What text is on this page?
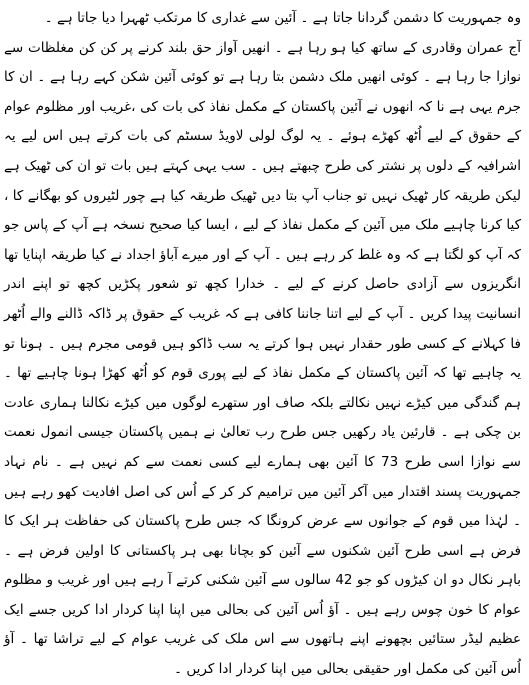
وہ جمہوریت کا دشمن گردانا جاتا ہے ۔ آئین سے غداری کا مرتکب ٹھہرا دیا جاتا ہے ۔

آج عمران وقادری کے ساتھ کیا ہو رہا ہے ۔ انھیں آواز حق بلند کرنے پر کن کن مغلظات سے نوازا جا رہا ہے ۔ کوئی انھیں ملک دشمن بتا رہا ہے تو کوئی آئین شکن کہے رہا ہے ۔ ان کا جرم یہی ہے نا کہ انھوں نے آئین پاکستان کے مکمل نفاذ کی بات کی ،غریب اور مظلوم عوام کے حقوق کے لیے اُٹھ کھڑے ہوئے ۔ یہ لوگ لولی لاویڈ سسٹم کی بات کرتے ہیں اس لیے یہ اشرافیہ کے دلوں پر نشتر کی طرح چبھتے ہیں ۔ سب یہی کہتے ہیں بات تو ان کی ٹھیک ہے لیکن طریقہ کار ٹھیک نہیں تو جناب آپ بتا دیں ٹھیک طریقہ کیا ہے چور لٹیروں کو بھگانے کا ، کیا کرنا چاہیے ملک میں آئین کے مکمل نفاذ کے لیے ، ایسا کیا صحیح نسخہ ہے آپ کے پاس جو کہ آپ کو لگتا ہے کہ وہ غلط کر رہے ہیں ۔ آپ کے اور میرے آباؤ اجداد نے کیا طریقہ اپنایا تھا انگریزوں سے آزادی حاصل کرنے کے لیے ۔ خدارا کچھ تو شعور پکڑیں کچھ تو اپنے اندر انسانیت پیدا کریں ۔ آپ کے لیے اتنا جاننا کافی ہے کہ غریب کے حقوق پر ڈاکہ ڈالنے والے اُٹھر فا کہلانے کے کسی طور حقدار نہیں ہوا کرتے یہ سب ڈاکو ہیں قومی مجرم ہیں ۔ ہونا تو یہ چاہیے تھا کہ آئین پاکستان کے مکمل نفاذ کے لیے پوری قوم کو اُٹھ کھڑا ہونا چاہیے تھا ۔ ہم گندگی میں کیڑے نہیں نکالتے بلکہ صاف اور ستھرے لوگوں میں کیڑے نکالنا ہماری عادت بن چکی ہے ۔ قارئین یاد رکھیں جس طرح رب تعالیٰ نے ہمیں پاکستان جیسی انمول نعمت سے نوازا اسی طرح 73 کا آئین بھی ہمارے لیے کسی نعمت سے کم نہیں ہے ۔ نام نہاد جمہوریت پسند اقتدار میں آکر آئین میں ترامیم کر کر کے اُس کی اصل افادیت کھو رہے ہیں ۔ لہٰذا میں قوم کے جوانوں سے عرض کرونگا کہ جس طرح پاکستان کی حفاظت ہر ایک کا فرض ہے اسی طرح آئین شکنوں سے آئین کو بچانا بھی ہر پاکستانی کا اولین فرض ہے ۔ باہر نکال دو ان کیڑوں کو جو 42 سالوں سے آئین شکنی کرتے آ رہے ہیں اور غریب و مظلوم عوام کا خون چوس رہے ہیں ۔ آؤ اُس آئین کی بحالی میں اپنا اپنا کردار ادا کریں جسے ایک عظیم لیڈر ستائیں بچھونے اپنے ہاتھوں سے اس ملک کی غریب عوام کے لیے تراشا تھا ۔ آؤ اُس آئین کی مکمل اور حقیقی بحالی میں اپنا کردار ادا کریں ۔
